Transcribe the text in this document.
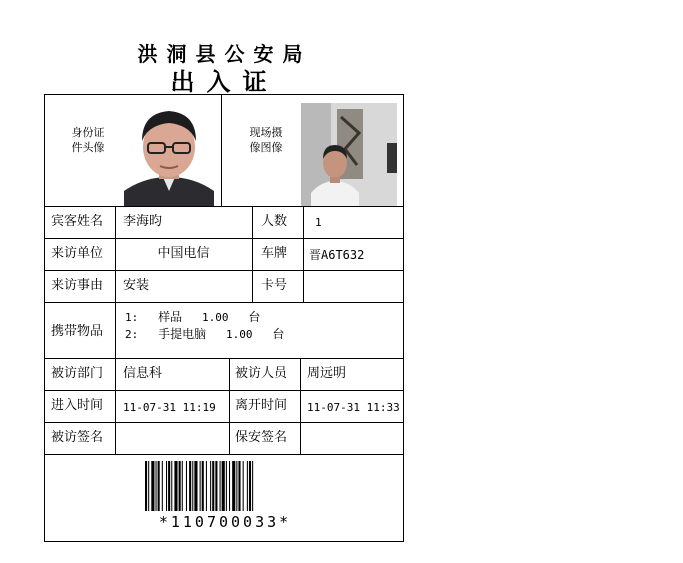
洪洞县公安局
出入证
身份证
件头像
现场摄
像图像
宾客姓名 李海昀	人数	1
来访单位	中国电信	车牌 晋A6T632
来访事由 安装	卡号
携带物品
1: 样品 1.00 台
2: 手提电脑 1.00 台
被访部门 信息科	被访人员 周远明
进入时间 11-07-31 11:19 离开时间 11-07-31 11:33
被访签名	保安签名
*110700033*
